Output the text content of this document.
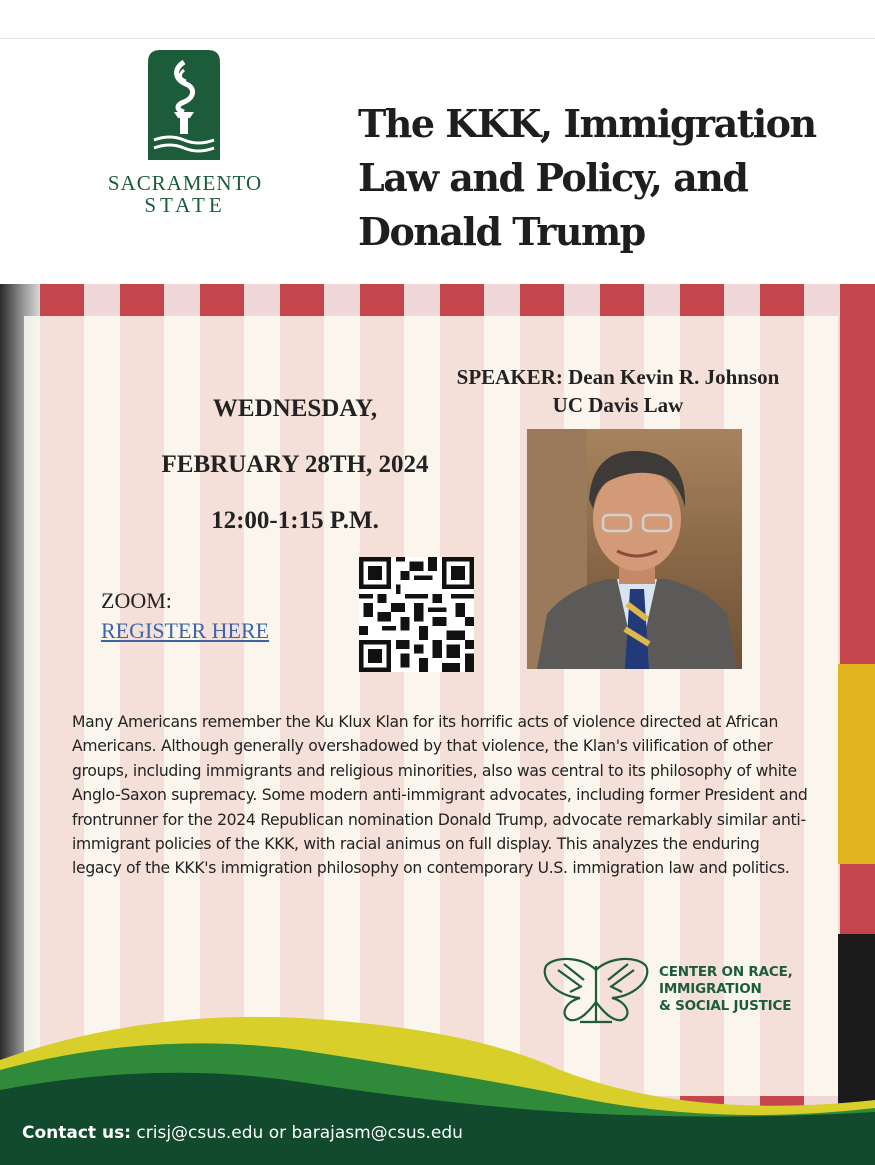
SACRAMENTO
STATE
The KKK, Immigration Law and Policy, and Donald Trump
WEDNESDAY,
FEBRUARY 28TH, 2024
12:00-1:15 P.M.
SPEAKER: Dean Kevin R. Johnson
UC Davis Law
ZOOM:
REGISTER HERE
Many Americans remember the Ku Klux Klan for its horrific acts of violence directed at African Americans. Although generally overshadowed by that violence, the Klan's vilification of other groups, including immigrants and religious minorities, also was central to its philosophy of white Anglo-Saxon supremacy. Some modern anti-immigrant advocates, including former President and frontrunner for the 2024 Republican nomination Donald Trump, advocate remarkably similar anti-immigrant policies of the KKK, with racial animus on full display. This analyzes the enduring legacy of the KKK's immigration philosophy on contemporary U.S. immigration law and politics.
CENTER ON RACE,
IMMIGRATION
& SOCIAL JUSTICE
Contact us: crisj@csus.edu or barajasm@csus.edu
